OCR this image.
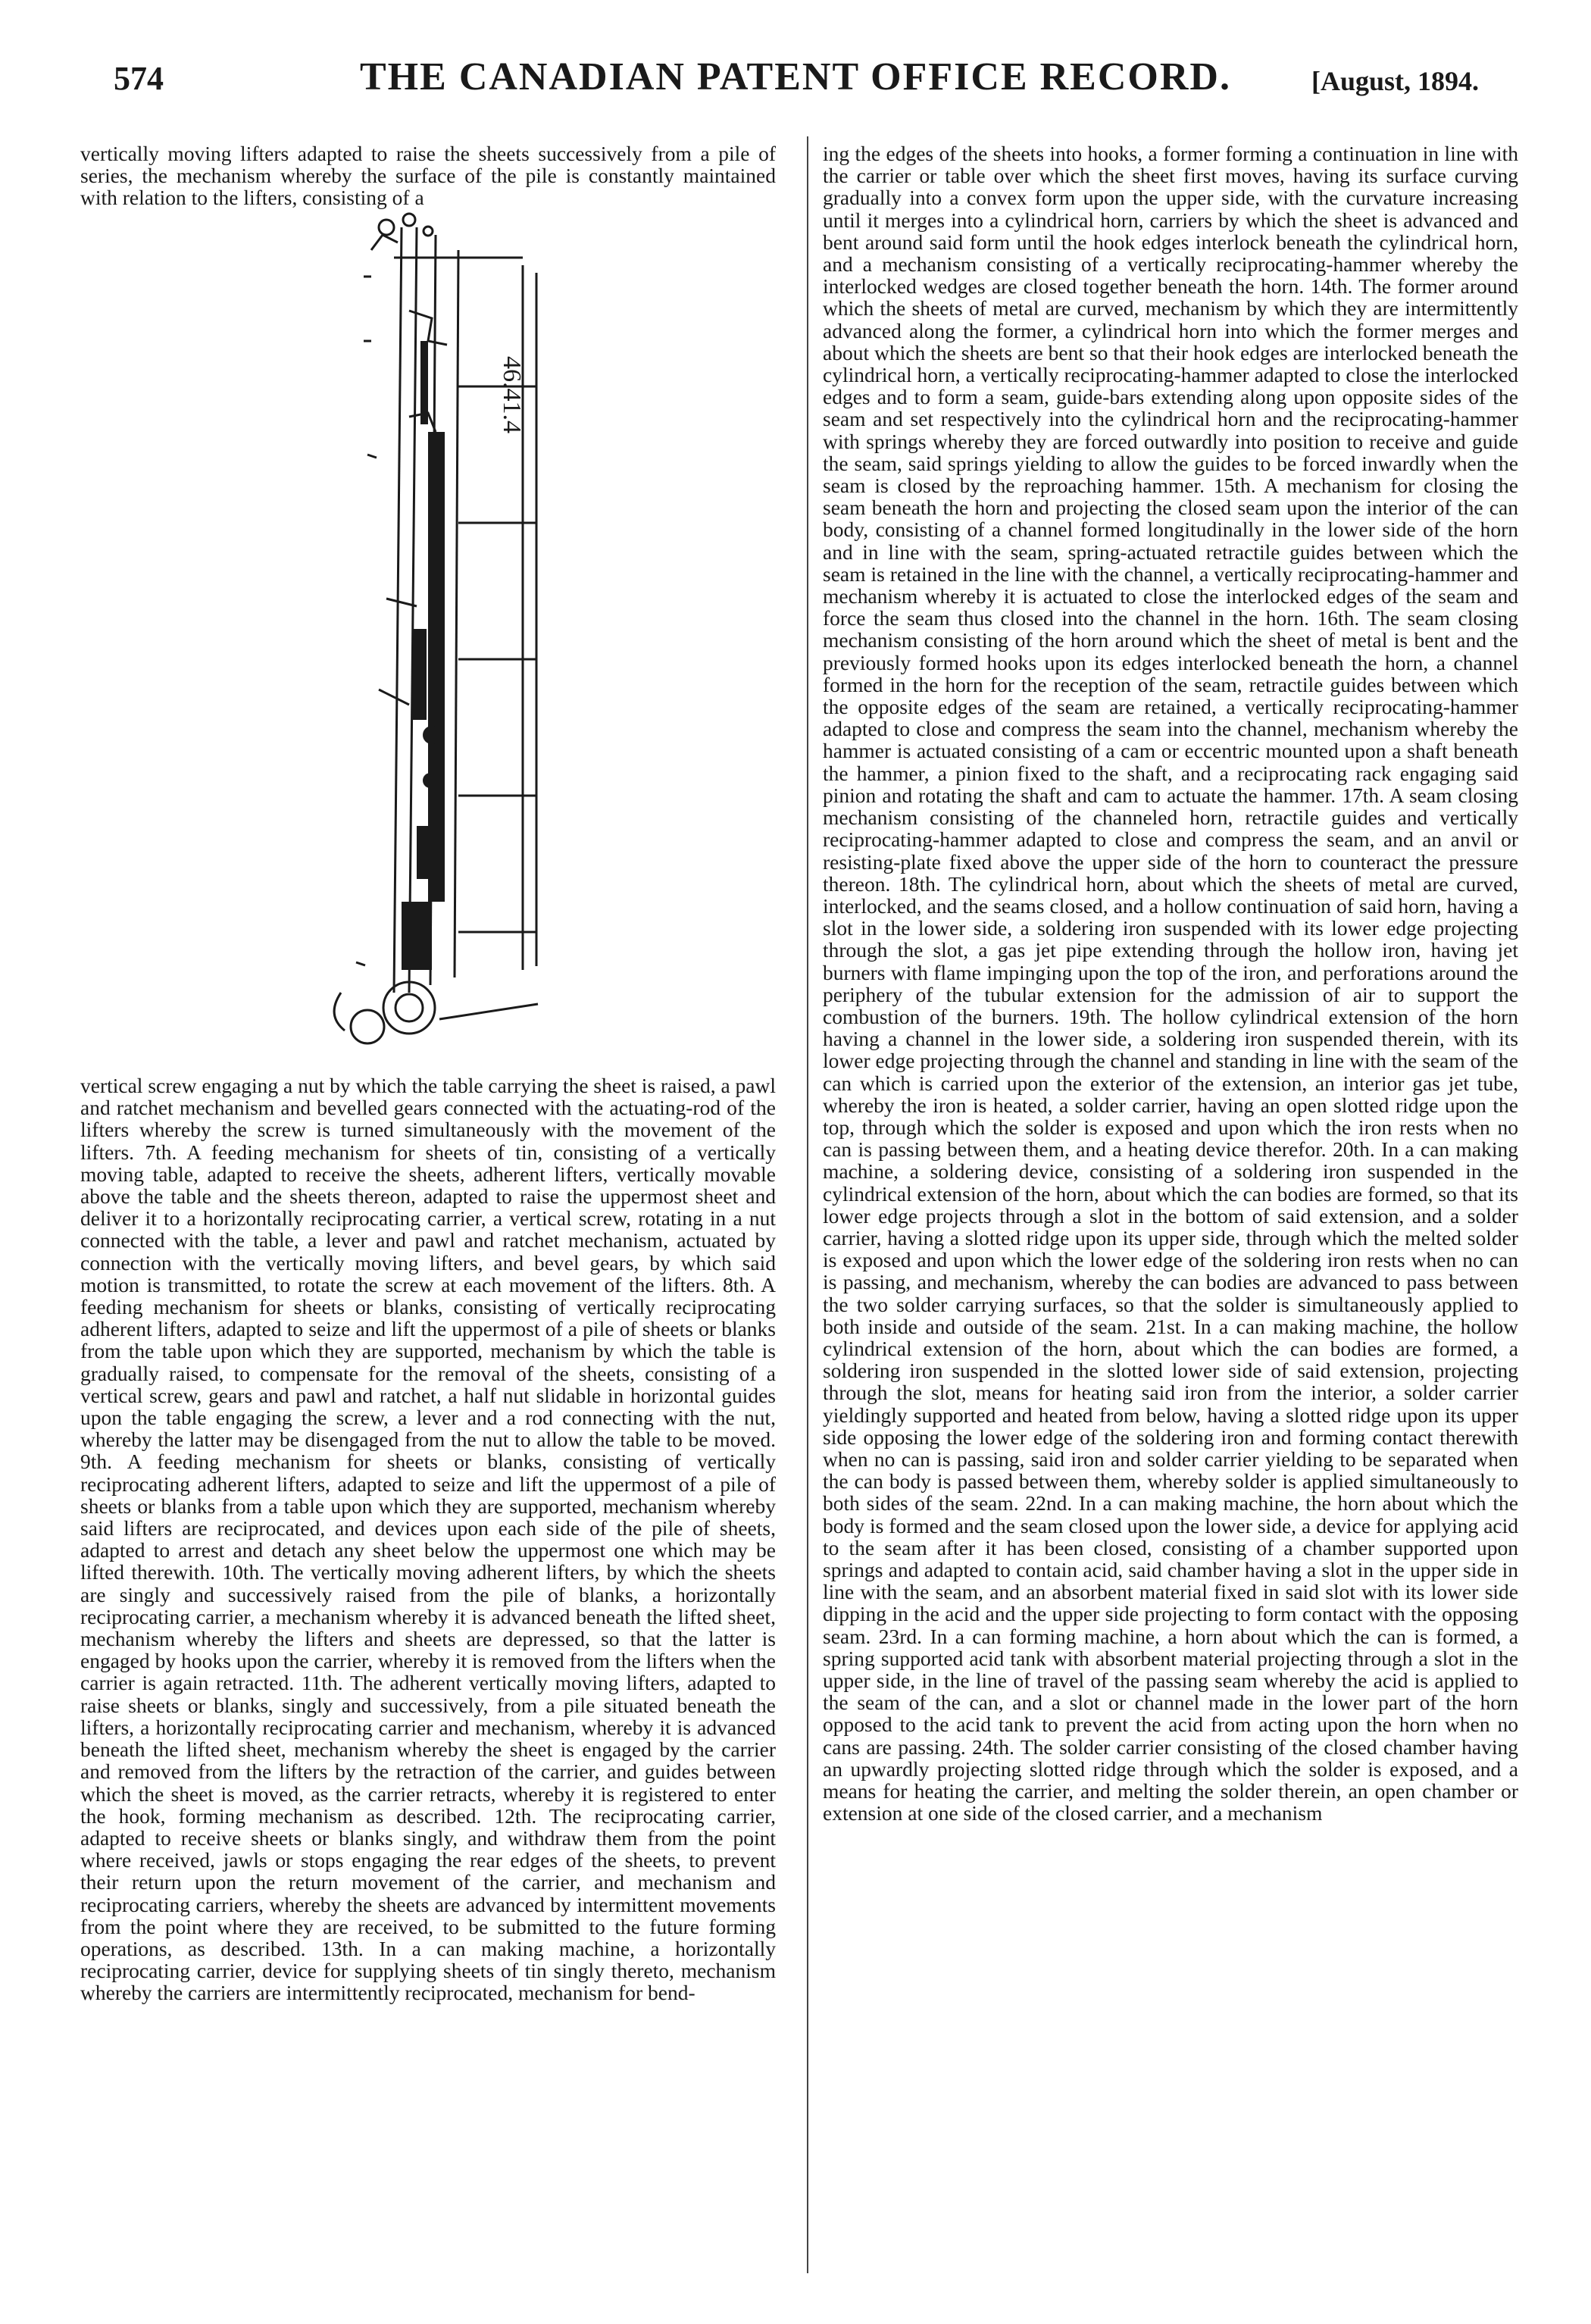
574	THE CANADIAN PATENT OFFICE RECORD.	[August, 1894.

vertically moving lifters adapted to raise the sheets successively from a pile of series, the mechanism whereby the surface of the pile is constantly maintained with relation to the lifters, consisting of a

46.41.4

vertical screw engaging a nut by which the table carrying the sheet is raised, a pawl and ratchet mechanism and bevelled gears connected with the actuating-rod of the lifters whereby the screw is turned simultaneously with the movement of the lifters. 7th. A feeding mechanism for sheets of tin, consisting of a vertically moving table, adapted to receive the sheets, adherent lifters, vertically movable above the table and the sheets thereon, adapted to raise the uppermost sheet and deliver it to a horizontally reciprocating carrier, a vertical screw, rotating in a nut connected with the table, a lever and pawl and ratchet mechanism, actuated by connection with the vertically moving lifters, and bevel gears, by which said motion is transmitted, to rotate the screw at each movement of the lifters. 8th. A feeding mechanism for sheets or blanks, consisting of vertically reciprocating adherent lifters, adapted to seize and lift the uppermost of a pile of sheets or blanks from the table upon which they are supported, mechanism by which the table is gradually raised, to compensate for the removal of the sheets, consisting of a vertical screw, gears and pawl and ratchet, a half nut slidable in horizontal guides upon the table engaging the screw, a lever and a rod connecting with the nut, whereby the latter may be disengaged from the nut to allow the table to be moved. 9th. A feeding mechanism for sheets or blanks, consisting of vertically reciprocating adherent lifters, adapted to seize and lift the uppermost of a pile of sheets or blanks from a table upon which they are supported, mechanism whereby said lifters are reciprocated, and devices upon each side of the pile of sheets, adapted to arrest and detach any sheet below the uppermost one which may be lifted therewith. 10th. The vertically moving adherent lifters, by which the sheets are singly and successively raised from the pile of blanks, a horizontally reciprocating carrier, a mechanism whereby it is advanced beneath the lifted sheet, mechanism whereby the lifters and sheets are depressed, so that the latter is engaged by hooks upon the carrier, whereby it is removed from the lifters when the carrier is again retracted. 11th. The adherent vertically moving lifters, adapted to raise sheets or blanks, singly and successively, from a pile situated beneath the lifters, a horizontally reciprocating carrier and mechanism, whereby it is advanced beneath the lifted sheet, mechanism whereby the sheet is engaged by the carrier and removed from the lifters by the retraction of the carrier, and guides between which the sheet is moved, as the carrier retracts, whereby it is registered to enter the hook, forming mechanism as described. 12th. The reciprocating carrier, adapted to receive sheets or blanks singly, and withdraw them from the point where received, jawls or stops engaging the rear edges of the sheets, to prevent their return upon the return movement of the carrier, and mechanism and reciprocating carriers, whereby the sheets are advanced by intermittent movements from the point where they are received, to be submitted to the future forming operations, as described. 13th. In a can making machine, a horizontally reciprocating carrier, device for supplying sheets of tin singly thereto, mechanism whereby the carriers are intermittently reciprocated, mechanism for bend-

ing the edges of the sheets into hooks, a former forming a continuation in line with the carrier or table over which the sheet first moves, having its surface curving gradually into a convex form upon the upper side, with the curvature increasing until it merges into a cylindrical horn, carriers by which the sheet is advanced and bent around said form until the hook edges interlock beneath the cylindrical horn, and a mechanism consisting of a vertically reciprocating-hammer whereby the interlocked wedges are closed together beneath the horn. 14th. The former around which the sheets of metal are curved, mechanism by which they are intermittently advanced along the former, a cylindrical horn into which the former merges and about which the sheets are bent so that their hook edges are interlocked beneath the cylindrical horn, a vertically reciprocating-hammer adapted to close the interlocked edges and to form a seam, guide-bars extending along upon opposite sides of the seam and set respectively into the cylindrical horn and the reciprocating-hammer with springs whereby they are forced outwardly into position to receive and guide the seam, said springs yielding to allow the guides to be forced inwardly when the seam is closed by the reproaching hammer. 15th. A mechanism for closing the seam beneath the horn and projecting the closed seam upon the interior of the can body, consisting of a channel formed longitudinally in the lower side of the horn and in line with the seam, spring-actuated retractile guides between which the seam is retained in the line with the channel, a vertically reciprocating-hammer and mechanism whereby it is actuated to close the interlocked edges of the seam and force the seam thus closed into the channel in the horn. 16th. The seam closing mechanism consisting of the horn around which the sheet of metal is bent and the previously formed hooks upon its edges interlocked beneath the horn, a channel formed in the horn for the reception of the seam, retractile guides between which the opposite edges of the seam are retained, a vertically reciprocating-hammer adapted to close and compress the seam into the channel, mechanism whereby the hammer is actuated consisting of a cam or eccentric mounted upon a shaft beneath the hammer, a pinion fixed to the shaft, and a reciprocating rack engaging said pinion and rotating the shaft and cam to actuate the hammer. 17th. A seam closing mechanism consisting of the channeled horn, retractile guides and vertically reciprocating-hammer adapted to close and compress the seam, and an anvil or resisting-plate fixed above the upper side of the horn to counteract the pressure thereon. 18th. The cylindrical horn, about which the sheets of metal are curved, interlocked, and the seams closed, and a hollow continuation of said horn, having a slot in the lower side, a soldering iron suspended with its lower edge projecting through the slot, a gas jet pipe extending through the hollow iron, having jet burners with flame impinging upon the top of the iron, and perforations around the periphery of the tubular extension for the admission of air to support the combustion of the burners. 19th. The hollow cylindrical extension of the horn having a channel in the lower side, a soldering iron suspended therein, with its lower edge projecting through the channel and standing in line with the seam of the can which is carried upon the exterior of the extension, an interior gas jet tube, whereby the iron is heated, a solder carrier, having an open slotted ridge upon the top, through which the solder is exposed and upon which the iron rests when no can is passing between them, and a heating device therefor. 20th. In a can making machine, a soldering device, consisting of a soldering iron suspended in the cylindrical extension of the horn, about which the can bodies are formed, so that its lower edge projects through a slot in the bottom of said extension, and a solder carrier, having a slotted ridge upon its upper side, through which the melted solder is exposed and upon which the lower edge of the soldering iron rests when no can is passing, and mechanism, whereby the can bodies are advanced to pass between the two solder carrying surfaces, so that the solder is simultaneously applied to both inside and outside of the seam. 21st. In a can making machine, the hollow cylindrical extension of the horn, about which the can bodies are formed, a soldering iron suspended in the slotted lower side of said extension, projecting through the slot, means for heating said iron from the interior, a solder carrier yieldingly supported and heated from below, having a slotted ridge upon its upper side opposing the lower edge of the soldering iron and forming contact therewith when no can is passing, said iron and solder carrier yielding to be separated when the can body is passed between them, whereby solder is applied simultaneously to both sides of the seam. 22nd. In a can making machine, the horn about which the body is formed and the seam closed upon the lower side, a device for applying acid to the seam after it has been closed, consisting of a chamber supported upon springs and adapted to contain acid, said chamber having a slot in the upper side in line with the seam, and an absorbent material fixed in said slot with its lower side dipping in the acid and the upper side projecting to form contact with the opposing seam. 23rd. In a can forming machine, a horn about which the can is formed, a spring supported acid tank with absorbent material projecting through a slot in the upper side, in the line of travel of the passing seam whereby the acid is applied to the seam of the can, and a slot or channel made in the lower part of the horn opposed to the acid tank to prevent the acid from acting upon the horn when no cans are passing. 24th. The solder carrier consisting of the closed chamber having an upwardly projecting slotted ridge through which the solder is exposed, and a means for heating the carrier, and melting the solder therein, an open chamber or extension at one side of the closed carrier, and a mechanism
